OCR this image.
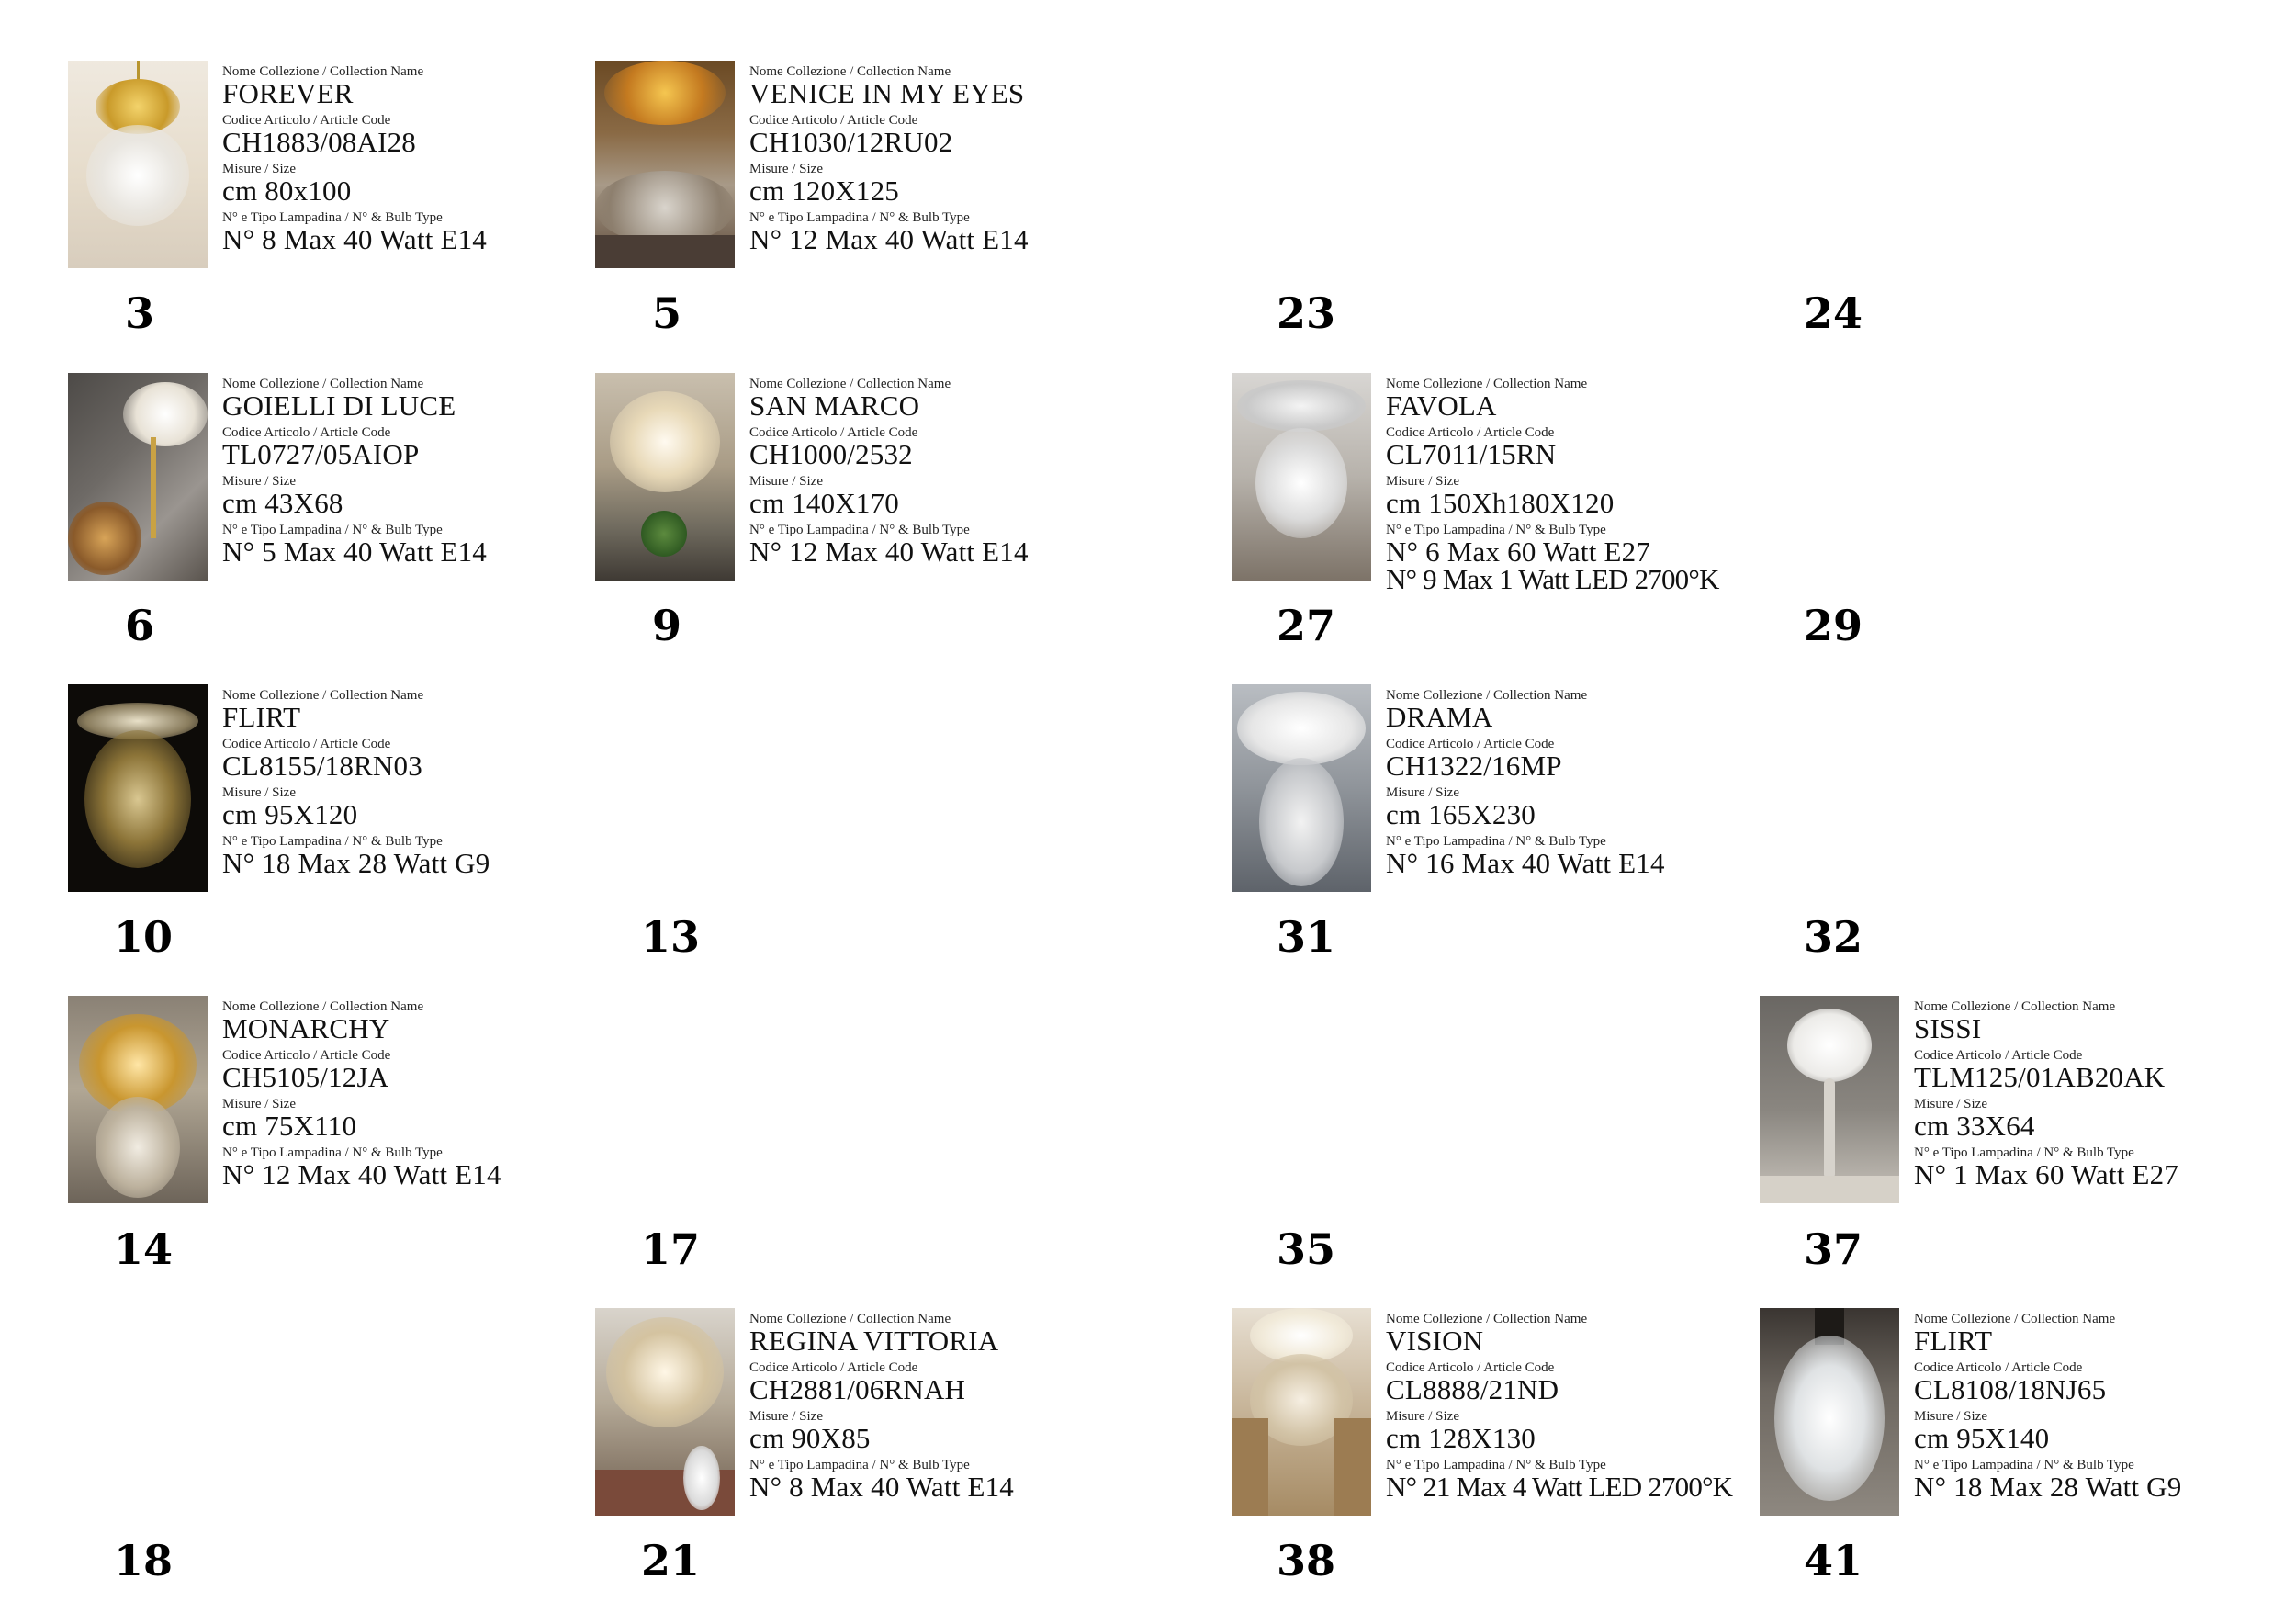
Nome Collezione / Collection Name
FOREVER
Codice Articolo / Article Code
CH1883/08AI28
Misure / Size
cm 80x100
N° e Tipo Lampadina / N° & Bulb Type
N° 8 Max 40 Watt E14
Nome Collezione / Collection Name
VENICE IN MY EYES
Codice Articolo / Article Code
CH1030/12RU02
Misure / Size
cm 120X125
N° e Tipo Lampadina / N° & Bulb Type
N° 12 Max 40 Watt E14
Nome Collezione / Collection Name
GOIELLI DI LUCE
Codice Articolo / Article Code
TL0727/05AIOP
Misure / Size
cm 43X68
N° e Tipo Lampadina / N° & Bulb Type
N° 5 Max 40 Watt E14
Nome Collezione / Collection Name
SAN MARCO
Codice Articolo / Article Code
CH1000/2532
Misure / Size
cm 140X170
N° e Tipo Lampadina / N° & Bulb Type
N° 12 Max 40 Watt E14
Nome Collezione / Collection Name
FAVOLA
Codice Articolo / Article Code
CL7011/15RN
Misure / Size
cm 150Xh180X120
N° e Tipo Lampadina / N° & Bulb Type
N° 6 Max 60 Watt E27
N° 9 Max 1 Watt LED 2700°K
Nome Collezione / Collection Name
FLIRT
Codice Articolo / Article Code
CL8155/18RN03
Misure / Size
cm 95X120
N° e Tipo Lampadina / N° & Bulb Type
N° 18 Max 28 Watt G9
Nome Collezione / Collection Name
DRAMA
Codice Articolo / Article Code
CH1322/16MP
Misure / Size
cm 165X230
N° e Tipo Lampadina / N° & Bulb Type
N° 16 Max 40 Watt E14
Nome Collezione / Collection Name
MONARCHY
Codice Articolo / Article Code
CH5105/12JA
Misure / Size
cm 75X110
N° e Tipo Lampadina / N° & Bulb Type
N° 12 Max 40 Watt E14
Nome Collezione / Collection Name
SISSI
Codice Articolo / Article Code
TLM125/01AB20AK
Misure / Size
cm 33X64
N° e Tipo Lampadina / N° & Bulb Type
N° 1 Max 60 Watt E27
Nome Collezione / Collection Name
REGINA VITTORIA
Codice Articolo / Article Code
CH2881/06RNAH
Misure / Size
cm 90X85
N° e Tipo Lampadina / N° & Bulb Type
N° 8 Max 40 Watt E14
Nome Collezione / Collection Name
VISION
Codice Articolo / Article Code
CL8888/21ND
Misure / Size
cm 128X130
N° e Tipo Lampadina / N° & Bulb Type
N° 21 Max 4 Watt LED 2700°K
Nome Collezione / Collection Name
FLIRT
Codice Articolo / Article Code
CL8108/18NJ65
Misure / Size
cm 95X140
N° e Tipo Lampadina / N° & Bulb Type
N° 18 Max 28 Watt G9
3	5	23	24
6	9	27	29
10	13	31	32
14	17	35	37
18	21	38	41
